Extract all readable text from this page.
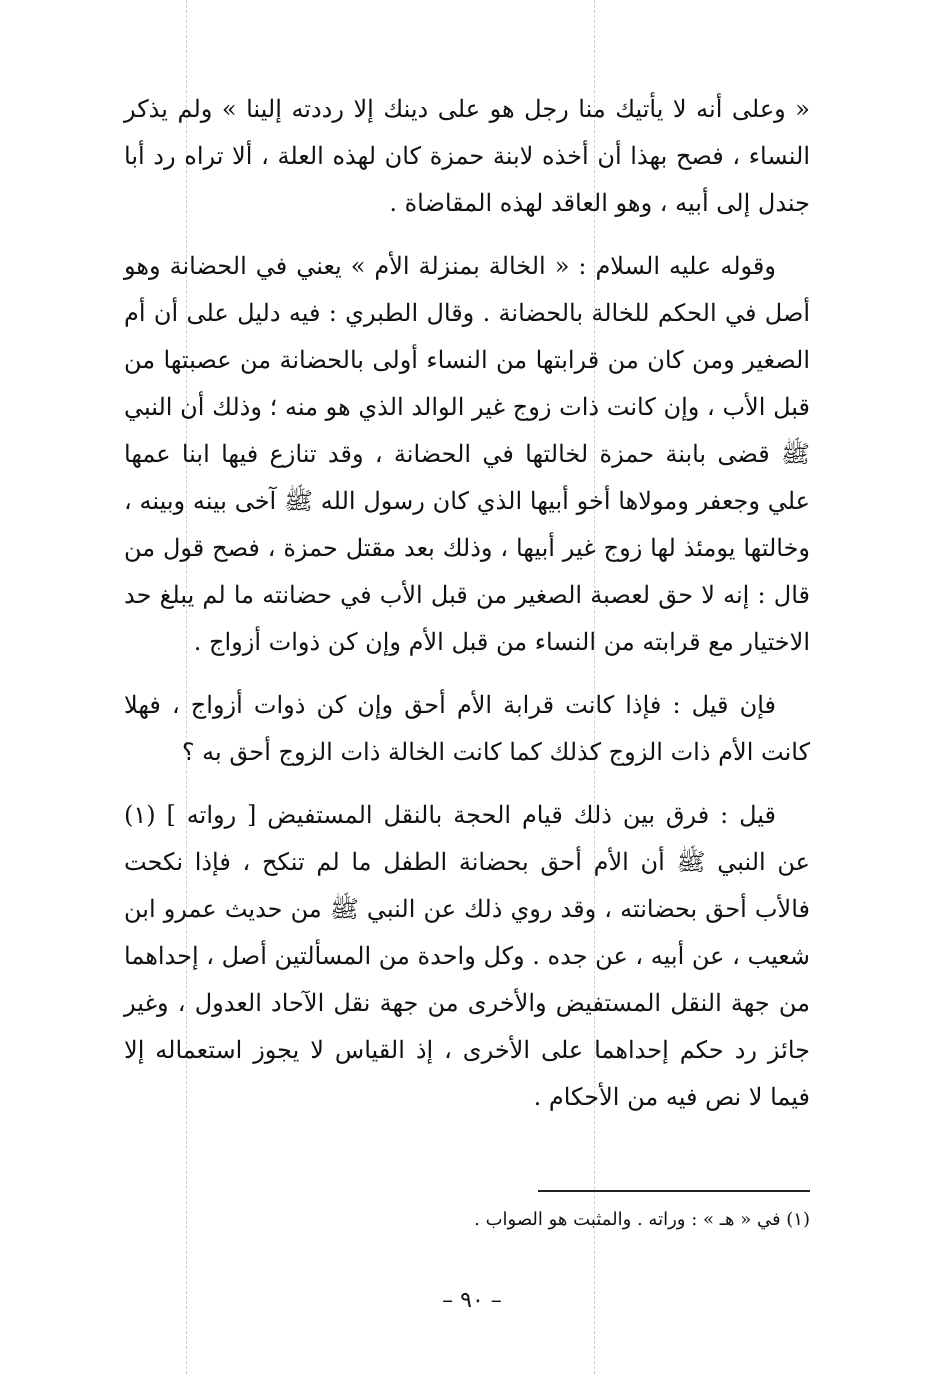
« وعلى أنه لا يأتيك منا رجل هو على دينك إلا رددته إلينا » ولم يذكر النساء ، فصح بهذا أن أخذه لابنة حمزة كان لهذه العلة ، ألا تراه رد أبا جندل إلى أبيه ، وهو العاقد لهذه المقاضاة .

وقوله عليه السلام : « الخالة بمنزلة الأم » يعني في الحضانة وهو أصل في الحكم للخالة بالحضانة . وقال الطبري : فيه دليل على أن أم الصغير ومن كان من قرابتها من النساء أولى بالحضانة من عصبتها من قبل الأب ، وإن كانت ذات زوج غير الوالد الذي هو منه ؛ وذلك أن النبي ﷺ قضى بابنة حمزة لخالتها في الحضانة ، وقد تنازع فيها ابنا عمها علي وجعفر ومولاها أخو أبيها الذي كان رسول الله ﷺ آخى بينه وبينه ، وخالتها يومئذ لها زوج غير أبيها ، وذلك بعد مقتل حمزة ، فصح قول من قال : إنه لا حق لعصبة الصغير من قبل الأب في حضانته ما لم يبلغ حد الاختيار مع قرابته من النساء من قبل الأم وإن كن ذوات أزواج .

فإن قيل : فإذا كانت قرابة الأم أحق وإن كن ذوات أزواج ، فهلا كانت الأم ذات الزوج كذلك كما كانت الخالة ذات الزوج أحق به ؟

قيل : فرق بين ذلك قيام الحجة بالنقل المستفيض [ رواته ] (١) عن النبي ﷺ أن الأم أحق بحضانة الطفل ما لم تنكح ، فإذا نكحت فالأب أحق بحضانته ، وقد روي ذلك عن النبي ﷺ من حديث عمرو ابن شعيب ، عن أبيه ، عن جده . وكل واحدة من المسألتين أصل ، إحداهما من جهة النقل المستفيض والأخرى من جهة نقل الآحاد العدول ، وغير جائز رد حكم إحداهما على الأخرى ، إذ القياس لا يجوز استعماله إلا فيما لا نص فيه من الأحكام .

(١) في « هـ » : وراته . والمثبت هو الصواب .
– ٩٠ –
